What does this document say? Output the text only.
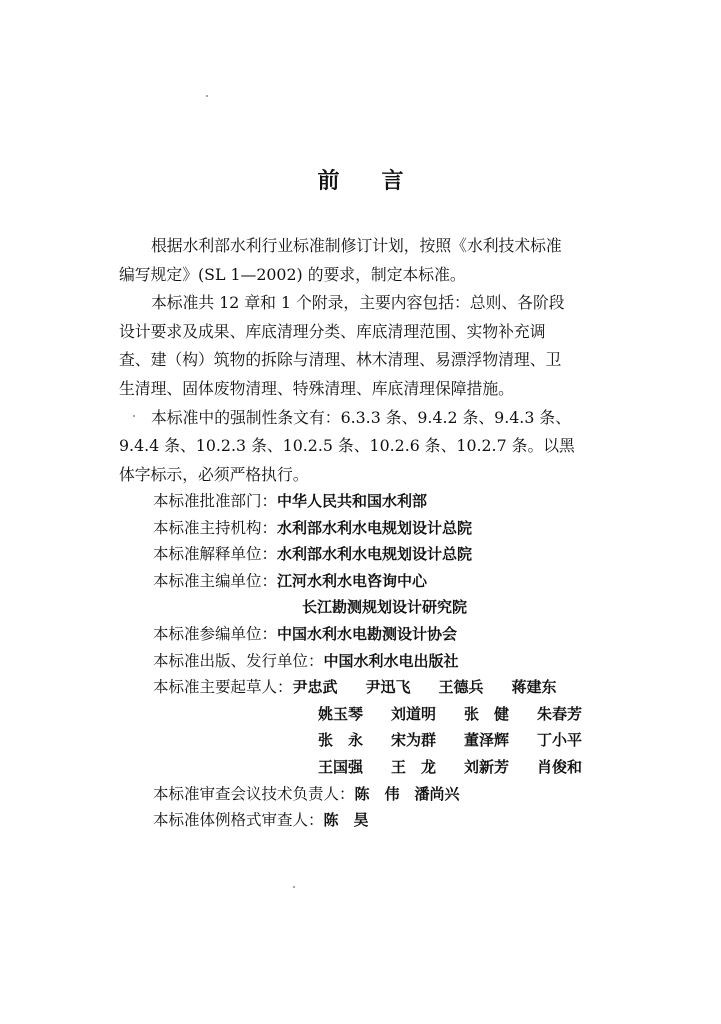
前 言

根据水利部水利行业标准制修订计划，按照《水利技术标准
编写规定》(SL 1—2002) 的要求，制定本标准。

本标准共 12 章和 1 个附录，主要内容包括：总则、各阶段
设计要求及成果、库底清理分类、库底清理范围、实物补充调
查、建（构）筑物的拆除与清理、林木清理、易漂浮物清理、卫
生清理、固体废物清理、特殊清理、库底清理保障措施。

本标准中的强制性条文有：6.3.3 条、9.4.2 条、9.4.3 条、
9.4.4 条、10.2.3 条、10.2.5 条、10.2.6 条、10.2.7 条。以黑
体字标示，必须严格执行。

本标准批准部门： 中华人民共和国水利部
本标准主持机构： 水利部水利水电规划设计总院
本标准解释单位： 水利部水利水电规划设计总院
本标准主编单位： 江河水利水电咨询中心
长江勘测规划设计研究院
本标准参编单位： 中国水利水电勘测设计协会
本标准出版、发行单位： 中国水利水电出版社
本标准主要起草人： 尹忠武	尹迅飞	王德兵	蒋建东
姚玉琴	刘道明	张　健	朱春芳
张　永	宋为群	董泽辉	丁小平
王国强	王　龙	刘新芳	肖俊和
本标准审查会议技术负责人： 陈　伟　潘尚兴
本标准体例格式审查人： 陈　昊
